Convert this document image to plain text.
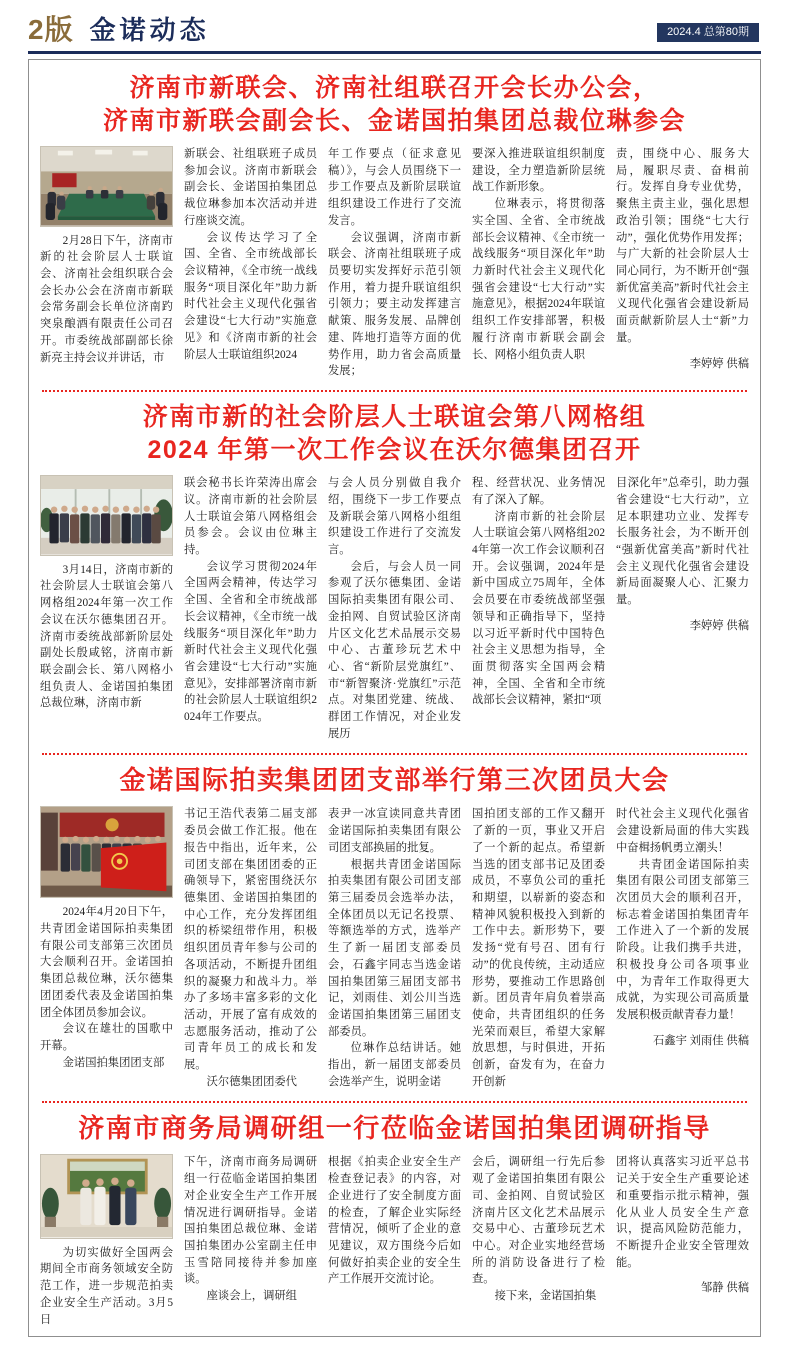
2版 金诺动态	2024.4 总第80期
济南市新联会、济南社组联召开会长办公会，
济南市新联会副会长、金诺国拍集团总裁位琳参会

2月28日下午，济南市新的社会阶层人士联谊会、济南社会组织联合会会长办公会在济南市新联会常务副会长单位济南趵突泉酿酒有限责任公司召开。市委统战部副部长徐新亮主持会议并讲话，市

新联会、社组联班子成员参加会议。济南市新联会副会长、金诺国拍集团总裁位琳参加本次活动并进行座谈交流。

会议传达学习了全国、全省、全市统战部长会议精神，《全市统一战线服务“项目深化年”助力新时代社会主义现代化强省会建设“七大行动”实施意见》和《济南市新的社会阶层人士联谊组织2024

年工作要点（征求意见稿）》，与会人员围绕下一步工作要点及新阶层联谊组织建设工作进行了交流发言。

会议强调，济南市新联会、济南社组联班子成员要切实发挥好示范引领作用，着力提升联谊组织引领力；要主动发挥建言献策、服务发展、品牌创建、阵地打造等方面的优势作用，助力省会高质量发展；

要深入推进联谊组织制度建设，全力塑造新阶层统战工作新形象。

位琳表示，将贯彻落实全国、全省、全市统战部长会议精神、《全市统一战线服务“项目深化年”助力新时代社会主义现代化强省会建设“七大行动”实施意见》，根据2024年联谊组织工作安排部署，积极履行济南市新联会副会长、网格小组负责人职

责，围绕中心、服务大局，履职尽责、奋楫前行。发挥自身专业优势，聚焦主责主业，强化思想政治引领；围绕“七大行动”，强化优势作用发挥；与广大新的社会阶层人士同心同行，为不断开创“强新优富美高”新时代社会主义现代化强省会建设新局面贡献新阶层人士“新”力量。

李婷婷 供稿

济南市新的社会阶层人士联谊会第八网格组
2024 年第一次工作会议在沃尔德集团召开

3月14日，济南市新的社会阶层人士联谊会第八网格组2024年第一次工作会议在沃尔德集团召开。济南市委统战部新阶层处副处长殷咸铭，济南市新联会副会长、第八网格小组负责人、金诺国拍集团总裁位琳，济南市新

联会秘书长许荣涛出席会议。济南市新的社会阶层人士联谊会第八网格组会员参会。会议由位琳主持。

会议学习贯彻2024年全国两会精神，传达学习全国、全省和全市统战部长会议精神，《全市统一战线服务“项目深化年”助力新时代社会主义现代化强省会建设“七大行动”实施意见》，安排部署济南市新的社会阶层人士联谊组织2024年工作要点。

与会人员分别做自我介绍，围绕下一步工作要点及新联会第八网格小组组织建设工作进行了交流发言。

会后，与会人员一同参观了沃尔德集团、金诺国际拍卖集团有限公司、金拍网、自贸试验区济南片区文化艺术品展示交易中心、古董珍玩艺术中心、省“新阶层党旗红”、市“新智聚济·党旗红”示范点。对集团党建、统战、群团工作情况，对企业发展历

程、经营状况、业务情况有了深入了解。

济南市新的社会阶层人士联谊会第八网格组2024年第一次工作会议顺利召开。会议强调，2024年是新中国成立75周年，全体会员要在市委统战部坚强领导和正确指导下，坚持以习近平新时代中国特色社会主义思想为指导，全面贯彻落实全国两会精神，全国、全省和全市统战部长会议精神，紧扣“项

目深化年”总牵引，助力强省会建设“七大行动”，立足本职建功立业、发挥专长服务社会，为不断开创“强新优富美高”新时代社会主义现代化强省会建设新局面凝聚人心、汇聚力量。

李婷婷 供稿

金诺国际拍卖集团团支部举行第三次团员大会

2024年4月20日下午，共青团金诺国际拍卖集团有限公司支部第三次团员大会顺利召开。金诺国拍集团总裁位琳，沃尔德集团团委代表及金诺国拍集团全体团员参加会议。

会议在雄壮的国歌中开幕。

金诺国拍集团团支部

书记王浩代表第二届支部委员会做工作汇报。他在报告中指出，近年来，公司团支部在集团团委的正确领导下，紧密围绕沃尔德集团、金诺国拍集团的中心工作，充分发挥团组织的桥梁纽带作用，积极组织团员青年参与公司的各项活动，不断提升团组织的凝聚力和战斗力。举办了多场丰富多彩的文化活动，开展了富有成效的志愿服务活动，推动了公司青年员工的成长和发展。

沃尔德集团团委代

表尹一冰宣读同意共青团金诺国际拍卖集团有限公司团支部换届的批复。

根据共青团金诺国际拍卖集团有限公司团支部第三届委员会选举办法，全体团员以无记名投票、等额选举的方式，选举产生了新一届团支部委员会，石鑫宇同志当选金诺国拍集团第三届团支部书记，刘雨佳、刘公川当选金诺国拍集团第三届团支部委员。

位琳作总结讲话。她指出，新一届团支部委员会选举产生，说明金诺

国拍团支部的工作又翻开了新的一页，事业又开启了一个新的起点。希望新当选的团支部书记及团委成员，不辜负公司的重托和期望，以崭新的姿态和精神风貌积极投入到新的工作中去。新形势下，要发扬“党有号召、团有行动”的优良传统，主动适应形势，要推动工作思路创新。团员青年肩负着崇高使命，共青团组织的任务光荣而艰巨，希望大家解放思想，与时俱进，开拓创新，奋发有为，在奋力开创新

时代社会主义现代化强省会建设新局面的伟大实践中奋楫扬帆勇立潮头！

共青团金诺国际拍卖集团有限公司团支部第三次团员大会的顺利召开，标志着金诺国拍集团青年工作进入了一个新的发展阶段。让我们携手共进，积极投身公司各项事业中，为青年工作取得更大成就，为实现公司高质量发展积极贡献青春力量！

石鑫宇 刘雨佳 供稿

济南市商务局调研组一行莅临金诺国拍集团调研指导

为切实做好全国两会期间全市商务领域安全防范工作，进一步规范拍卖企业安全生产活动。3月5日

下午，济南市商务局调研组一行莅临金诺国拍集团对企业安全生产工作开展情况进行调研指导。金诺国拍集团总裁位琳、金诺国拍集团办公室副主任申玉雪陪同接待并参加座谈。

座谈会上，调研组

根据《拍卖企业安全生产检查登记表》的内容，对企业进行了安全制度方面的检查，了解企业实际经营情况，倾听了企业的意见建议，双方围绕今后如何做好拍卖企业的安全生产工作展开交流讨论。

会后，调研组一行先后参观了金诺国拍集团有限公司、金拍网、自贸试验区济南片区文化艺术品展示交易中心、古董珍玩艺术中心。对企业实地经营场所的消防设备进行了检查。

接下来，金诺国拍集

团将认真落实习近平总书记关于安全生产重要论述和重要指示批示精神，强化从业人员安全生产意识，提高风险防范能力，不断提升企业安全管理效能。

邹静 供稿
